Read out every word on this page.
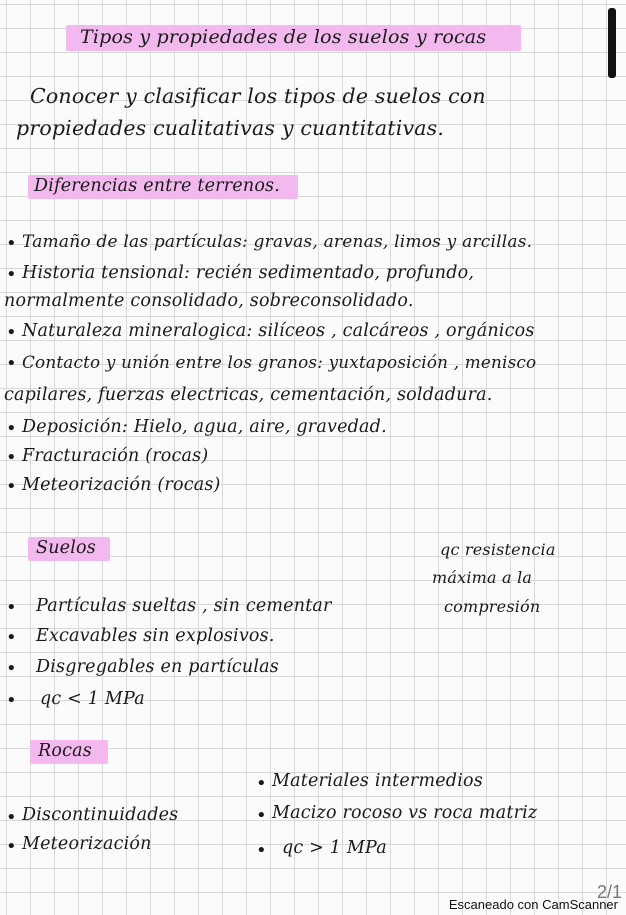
Tipos y propiedades de los suelos y rocas
Conocer y clasificar los tipos de suelos con
propiedades cualitativas y cuantitativas.
Diferencias entre terrenos.
• Tamaño de las partículas: gravas, arenas, limos y arcillas.
• Historia tensional: recién sedimentado, profundo,
normalmente consolidado, sobreconsolidado.
• Naturaleza mineralogica: silíceos , calcáreos , orgánicos
• Contacto y unión entre los granos: yuxtaposición , menisco
capilares, fuerzas electricas, cementación, soldadura.
• Deposición: Hielo, agua, aire, gravedad.
• Fracturación (rocas)
• Meteorización (rocas)
Suelos	qc resistencia
máxima a la
compresión
• Partículas sueltas , sin cementar
• Excavables sin explosivos.
• Disgregables en partículas
• qc < 1 MPa
Rocas
• Materiales intermedios
• Macizo rocoso vs roca matriz
• qc > 1 MPa
• Discontinuidades
• Meteorización
2/1
Escaneado con CamScanner
